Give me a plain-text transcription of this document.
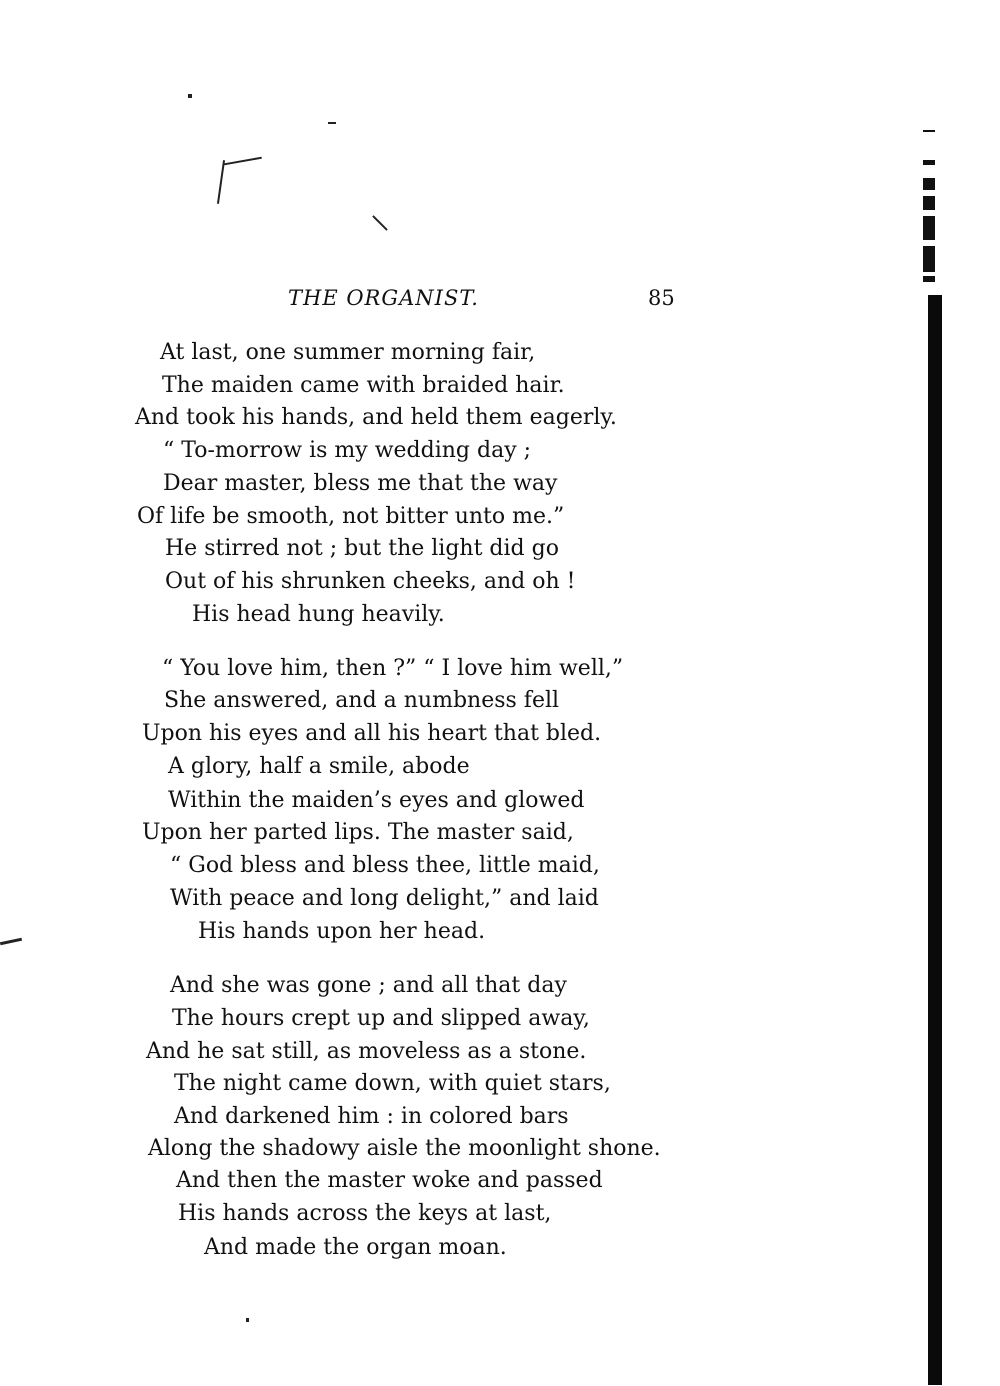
THE ORGANIST.	85
At last, one summer morning fair,
The maiden came with braided hair.
And took his hands, and held them eagerly.
“ To-morrow is my wedding day ;
Dear master, bless me that the way
Of life be smooth, not bitter unto me.”
He stirred not ; but the light did go
Out of his shrunken cheeks, and oh !
His head hung heavily.
“ You love him, then ?” “ I love him well,”
She answered, and a numbness fell
Upon his eyes and all his heart that bled.
A glory, half a smile, abode
Within the maiden’s eyes and glowed
Upon her parted lips. The master said,
“ God bless and bless thee, little maid,
With peace and long delight,” and laid
His hands upon her head.
And she was gone ; and all that day
The hours crept up and slipped away,
And he sat still, as moveless as a stone.
The night came down, with quiet stars,
And darkened him : in colored bars
Along the shadowy aisle the moonlight shone.
And then the master woke and passed
His hands across the keys at last,
And made the organ moan.
